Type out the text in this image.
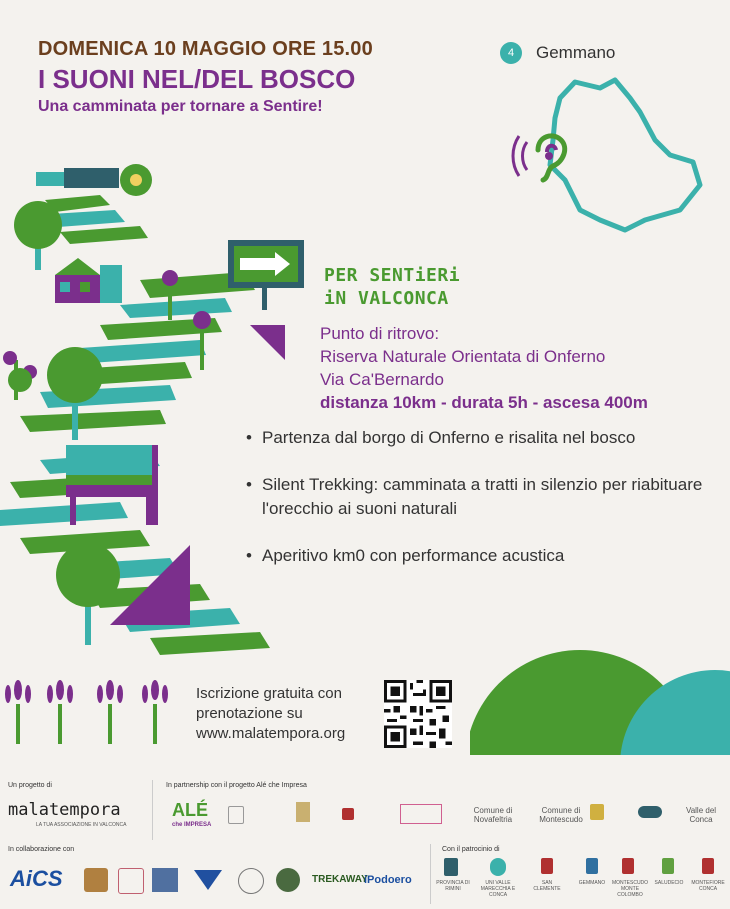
DOMENICA 10 MAGGIO ORE 15.00
I SUONI NEL/DEL BOSCO
Una camminata per tornare a Sentire!
4	Gemmano
PER SENTiERi
iN VALCONCA
Punto di ritrovo:
Riserva Naturale Orientata di Onferno
Via Ca'Bernardo
distanza 10km - durata 5h - ascesa 400m
• Partenza dal borgo di Onferno e risalita nel bosco
• Silent Trekking: camminata a tratti in silenzio per riabituare l'orecchio ai suoni naturali
• Aperitivo km0 con performance acustica
Iscrizione gratuita con
prenotazione su
www.malatempora.org
Un progetto di
malatempora
LA TUA ASSOCIAZIONE IN VALCONCA
In partnership con il progetto Alé che Impresa
ALÉ
che IMPRESA
Comune di Novafeltria
Comune di Montescudo
Valle del Conca
In collaborazione con
AiCS	TREKAWAY
iPodoero
Con il patrocinio di
PROVINCIA DI RIMINI
UNI VALLE MARECCHIA E CONCA
SAN CLEMENTE
GEMMANO	MONTESCUDO MONTE COLOMBO
SALUDECIO	MONTEFIORE CONCA
